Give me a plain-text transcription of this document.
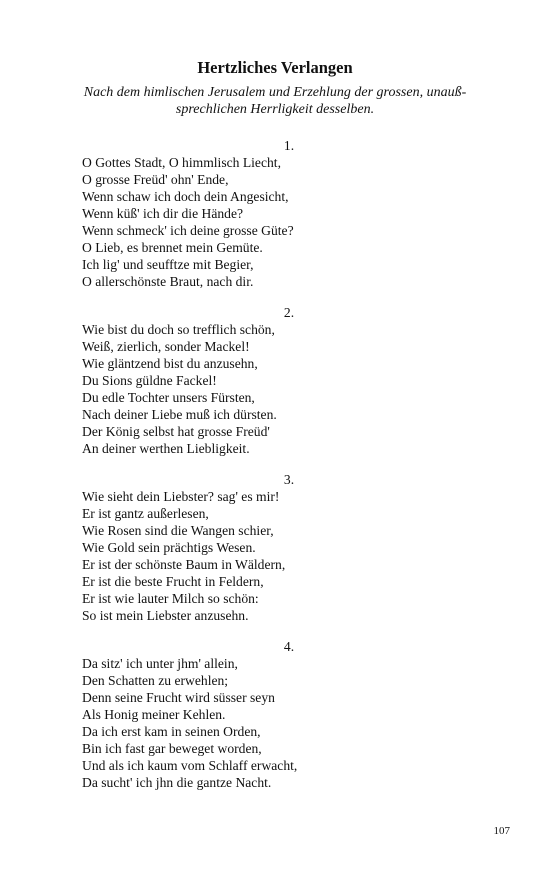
Hertzliches Verlangen
Nach dem himlischen Jerusalem und Erzehlung der grossen, unauß-sprechlichen Herrligkeit desselben.
1.
O Gottes Stadt, O himmlisch Liecht,
O grosse Freüd' ohn' Ende,
Wenn schaw ich doch dein Angesicht,
Wenn küß' ich dir die Hände?
Wenn schmeck' ich deine grosse Güte?
O Lieb, es brennet mein Gemüte.
Ich lig' und seufftze mit Begier,
O allerschönste Braut, nach dir.
2.
Wie bist du doch so trefflich schön,
Weiß, zierlich, sonder Mackel!
Wie gläntzend bist du anzusehn,
Du Sions güldne Fackel!
Du edle Tochter unsers Fürsten,
Nach deiner Liebe muß ich dürsten.
Der König selbst hat grosse Freüd'
An deiner werthen Liebligkeit.
3.
Wie sieht dein Liebster? sag' es mir!
Er ist gantz außerlesen,
Wie Rosen sind die Wangen schier,
Wie Gold sein prächtigs Wesen.
Er ist der schönste Baum in Wäldern,
Er ist die beste Frucht in Feldern,
Er ist wie lauter Milch so schön:
So ist mein Liebster anzusehn.
4.
Da sitz' ich unter jhm' allein,
Den Schatten zu erwehlen;
Denn seine Frucht wird süsser seyn
Als Honig meiner Kehlen.
Da ich erst kam in seinen Orden,
Bin ich fast gar beweget worden,
Und als ich kaum vom Schlaff erwacht,
Da sucht' ich jhn die gantze Nacht.
107
